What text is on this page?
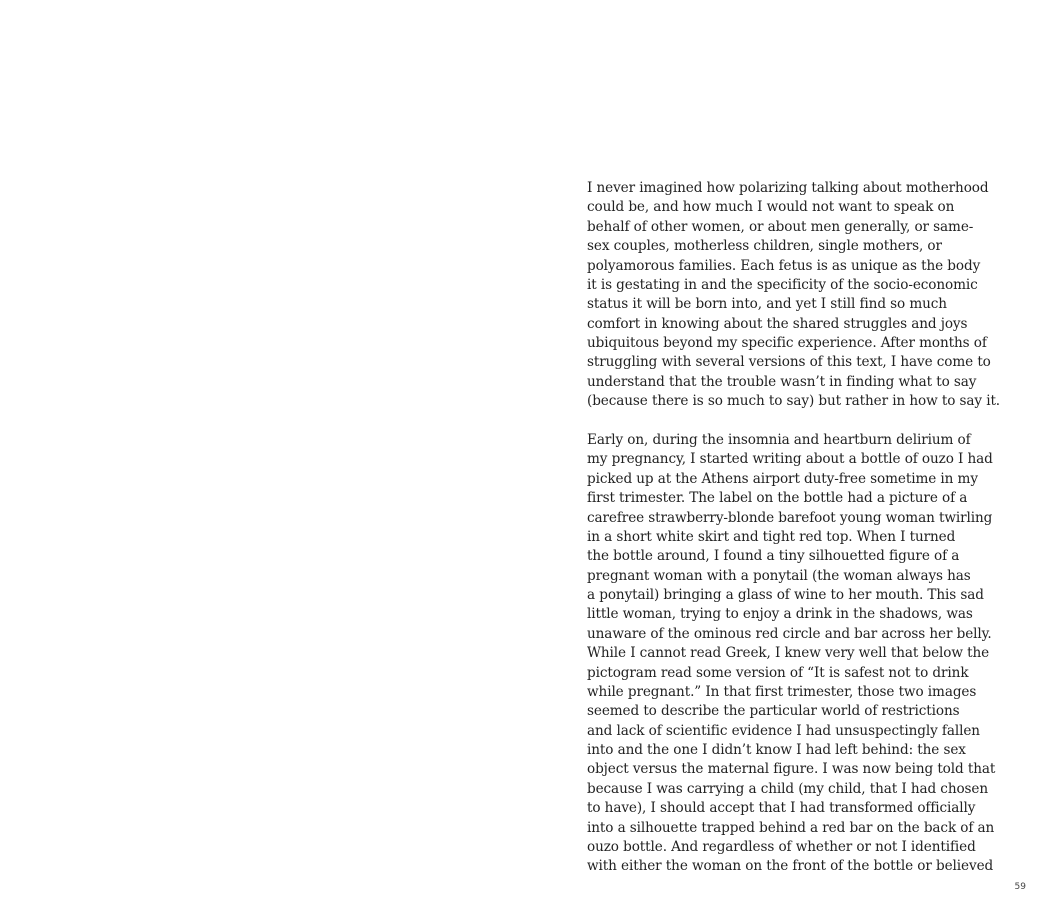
I never imagined how polarizing talking about motherhood
could be, and how much I would not want to speak on
behalf of other women, or about men generally, or same-
sex couples, motherless children, single mothers, or
polyamorous families. Each fetus is as unique as the body
it is gestating in and the specificity of the socio-economic
status it will be born into, and yet I still find so much
comfort in knowing about the shared struggles and joys
ubiquitous beyond my specific experience. After months of
struggling with several versions of this text, I have come to
understand that the trouble wasn’t in finding what to say
(because there is so much to say) but rather in how to say it.
Early on, during the insomnia and heartburn delirium of
my pregnancy, I started writing about a bottle of ouzo I had
picked up at the Athens airport duty-free sometime in my
first trimester. The label on the bottle had a picture of a
carefree strawberry-blonde barefoot young woman twirling
in a short white skirt and tight red top. When I turned
the bottle around, I found a tiny silhouetted figure of a
pregnant woman with a ponytail (the woman always has
a ponytail) bringing a glass of wine to her mouth. This sad
little woman, trying to enjoy a drink in the shadows, was
unaware of the ominous red circle and bar across her belly.
While I cannot read Greek, I knew very well that below the
pictogram read some version of “It is safest not to drink
while pregnant.” In that first trimester, those two images
seemed to describe the particular world of restrictions
and lack of scientific evidence I had unsuspectingly fallen
into and the one I didn’t know I had left behind: the sex
object versus the maternal figure. I was now being told that
because I was carrying a child (my child, that I had chosen
to have), I should accept that I had transformed officially
into a silhouette trapped behind a red bar on the back of an
ouzo bottle. And regardless of whether or not I identified
with either the woman on the front of the bottle or believed
59
